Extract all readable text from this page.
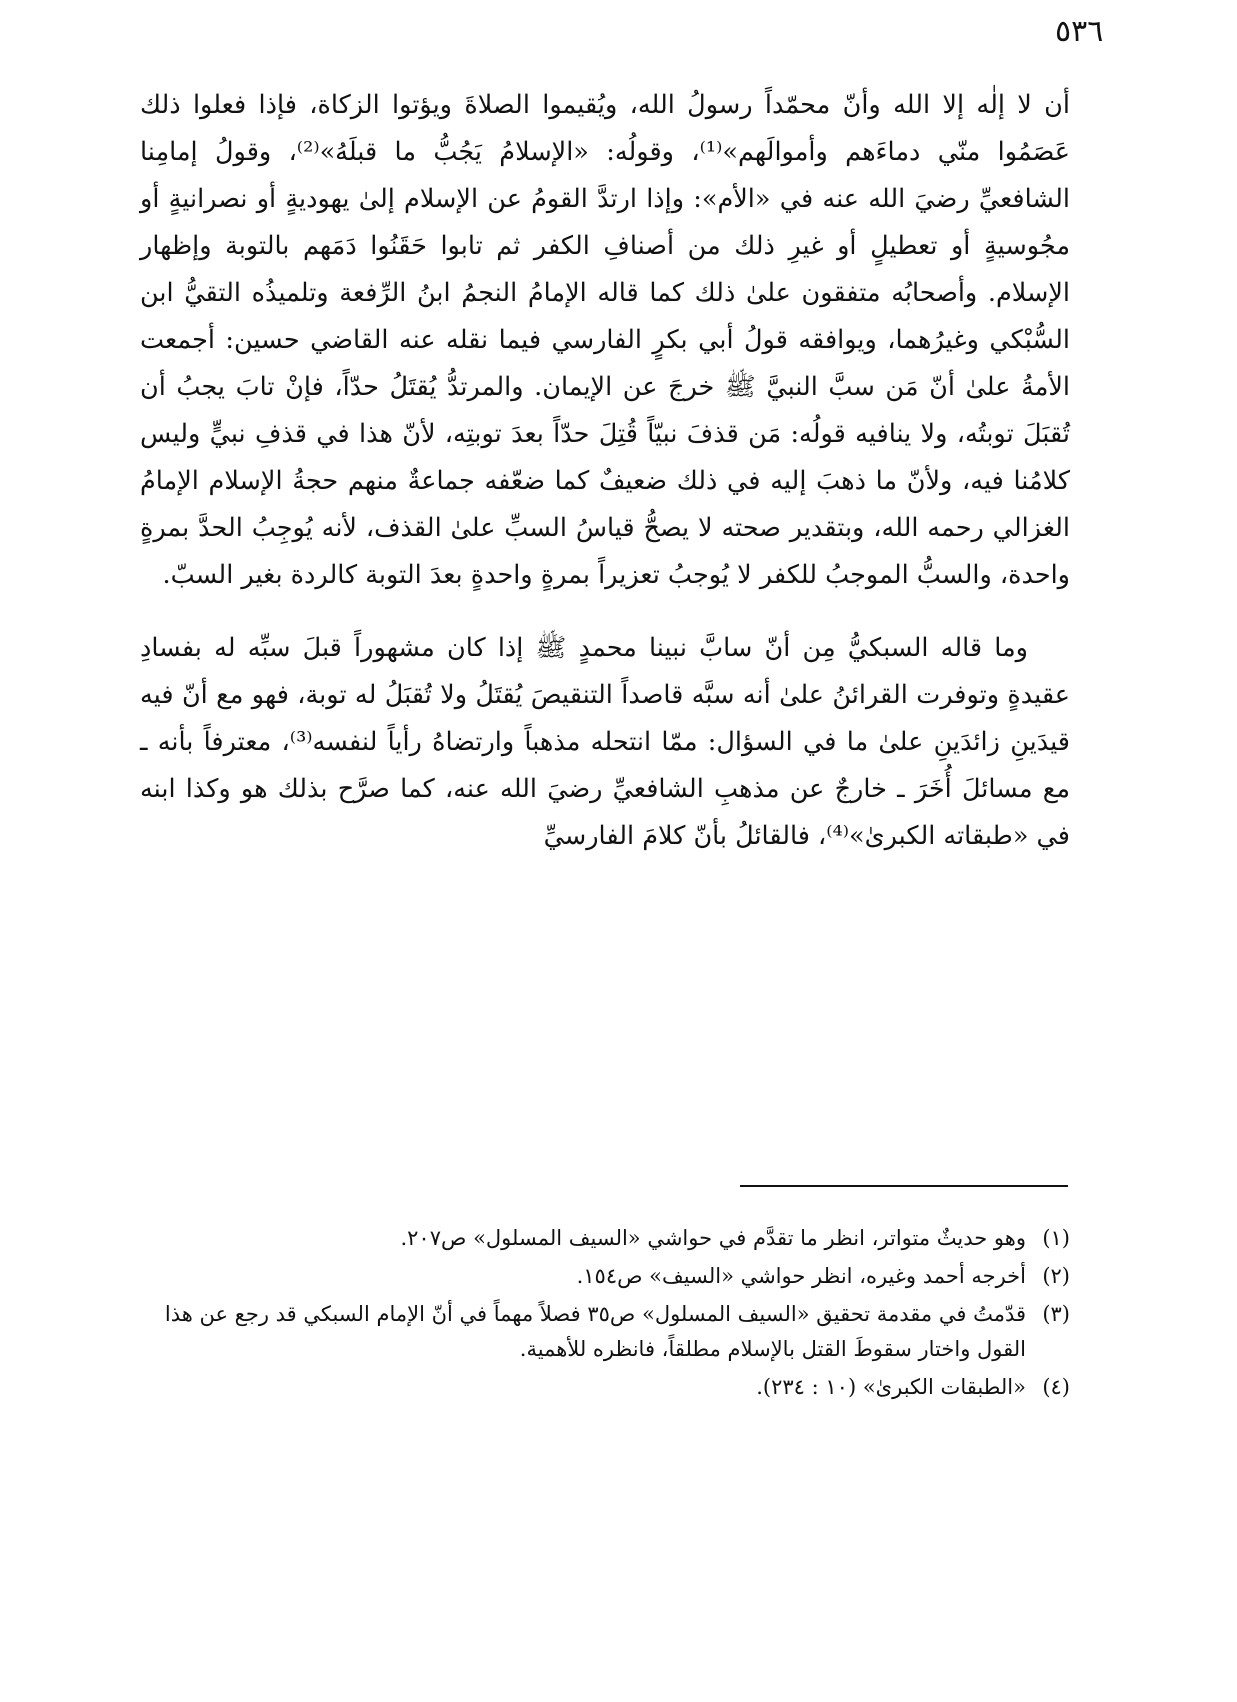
٥٣٦

أن لا إلٰه إلا الله وأنّ محمّداً رسولُ الله، ويُقيموا الصلاةَ ويؤتوا الزكاة، فإذا فعلوا ذلك عَصَمُوا منّي دماءَهم وأموالَهم»⁽¹⁾، وقولُه: «الإسلامُ يَجُبُّ ما قبلَهُ»⁽²⁾، وقولُ إمامِنا الشافعيِّ رضيَ الله عنه في «الأم»: وإذا ارتدَّ القومُ عن الإسلام إلىٰ يهوديةٍ أو نصرانيةٍ أو مجُوسيةٍ أو تعطيلٍ أو غيرِ ذلك من أصنافِ الكفر ثم تابوا حَقَنُوا دَمَهم بالتوبة وإظهار الإسلام. وأصحابُه متفقون علىٰ ذلك كما قاله الإمامُ النجمُ ابنُ الرِّفعة وتلميذُه التقيُّ ابن السُّبْكي وغيرُهما، ويوافقه قولُ أبي بكرٍ الفارسي فيما نقله عنه القاضي حسين: أجمعت الأمةُ علىٰ أنّ مَن سبَّ النبيَّ ﷺ خرجَ عن الإيمان. والمرتدُّ يُقتَلُ حدّاً، فإنْ تابَ يجبُ أن تُقبَلَ توبتُه، ولا ينافيه قولُه: مَن قذفَ نبيّاً قُتِلَ حدّاً بعدَ توبتِه، لأنّ هذا في قذفِ نبيٍّ وليس كلامُنا فيه، ولأنّ ما ذهبَ إليه في ذلك ضعيفٌ كما ضعّفه جماعةٌ منهم حجةُ الإسلام الإمامُ الغزالي رحمه الله، وبتقدير صحته لا يصحُّ قياسُ السبِّ علىٰ القذف، لأنه يُوجِبُ الحدَّ بمرةٍ واحدة، والسبُّ الموجبُ للكفر لا يُوجبُ تعزيراً بمرةٍ واحدةٍ بعدَ التوبة كالردة بغير السبّ.

وما قاله السبكيُّ مِن أنّ سابَّ نبينا محمدٍ ﷺ إذا كان مشهوراً قبلَ سبِّه له بفسادِ عقيدةٍ وتوفرت القرائنُ علىٰ أنه سبَّه قاصداً التنقيصَ يُقتَلُ ولا تُقبَلُ له توبة، فهو مع أنّ فيه قيدَينِ زائدَينِ علىٰ ما في السؤال: ممّا انتحله مذهباً وارتضاهُ رأياً لنفسه⁽³⁾، معترفاً بأنه ـ مع مسائلَ أُخَرَ ـ خارجٌ عن مذهبِ الشافعيِّ رضيَ الله عنه، كما صرَّح بذلك هو وكذا ابنه في «طبقاته الكبرىٰ»⁽⁴⁾، فالقائلُ بأنّ كلامَ الفارسيِّ

(١)
وهو حديثٌ متواتر، انظر ما تقدَّم في حواشي «السيف المسلول» ص٢٠٧.
(٢)
أخرجه أحمد وغيره، انظر حواشي «السيف» ص١٥٤.
(٣)
قدّمتُ في مقدمة تحقيق «السيف المسلول» ص٣٥ فصلاً مهماً في أنّ الإمام السبكي قد رجع عن هذا القول واختار سقوطَ القتل بالإسلام مطلقاً، فانظره للأهمية.
(٤)
«الطبقات الكبرىٰ» (١٠ : ٢٣٤).
